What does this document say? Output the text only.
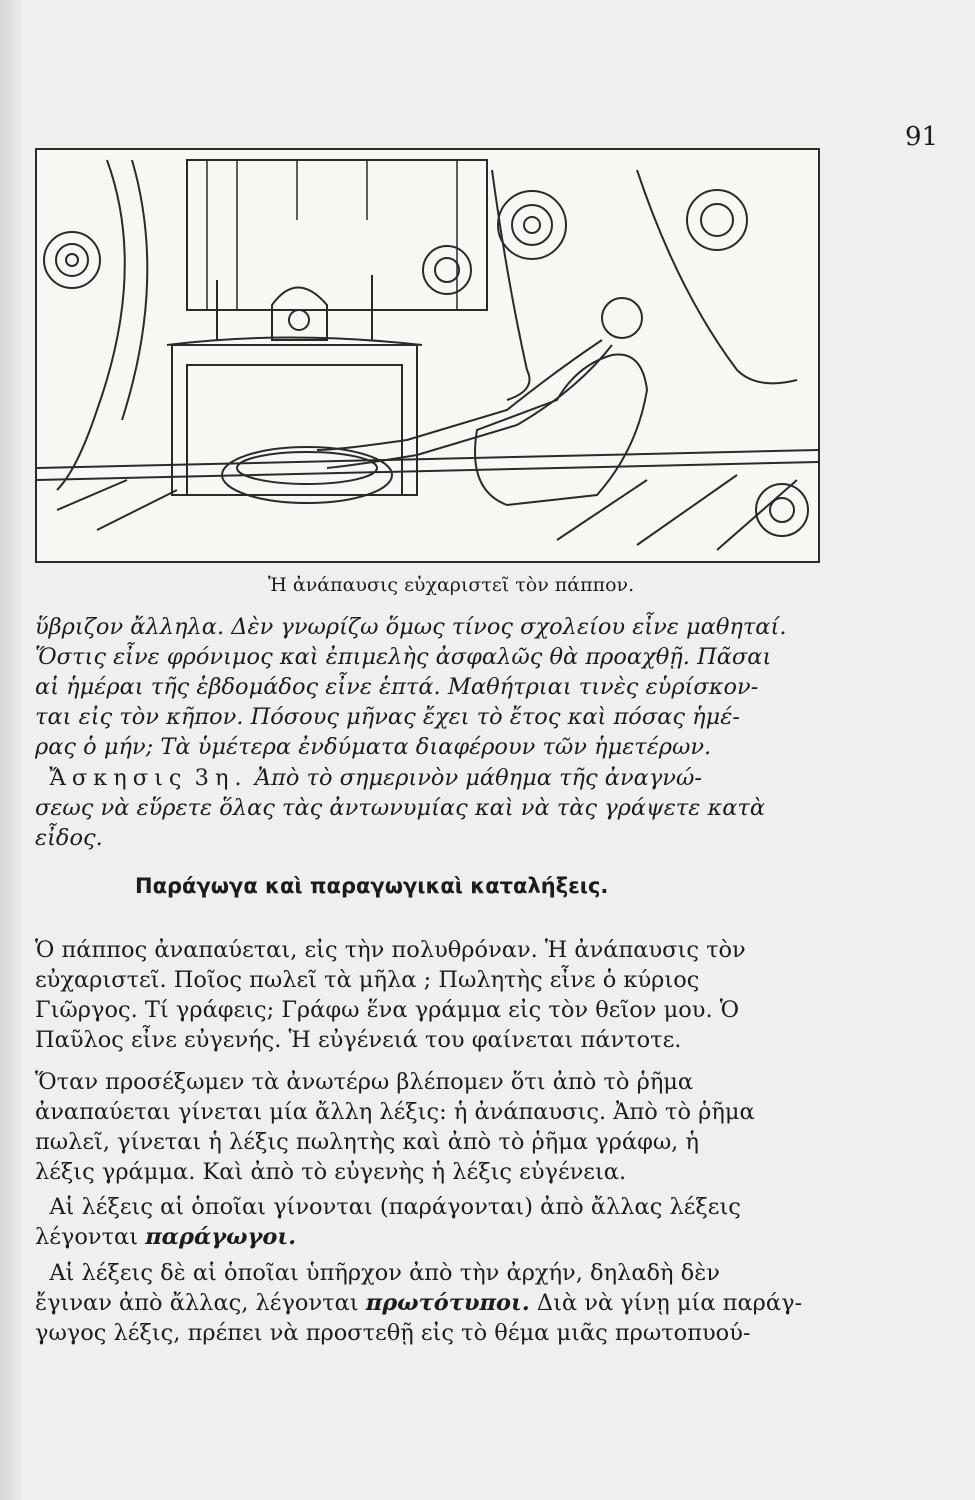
91
Ἡ ἀνάπαυσις εὐχαριστεῖ τὸν πάππον.
ὕβριζον ἄλληλα. Δὲν γνωρίζω ὅμως τίνος σχολείου εἶνε μαθηταί.
Ὅστις εἶνε φρόνιμος καὶ ἐπιμελὴς ἀσφαλῶς θὰ προαχθῇ. Πᾶσαι
αἱ ἡμέραι τῆς ἑβδομάδος εἶνε ἑπτά. Μαθήτριαι τινὲς εὑρίσκον-
ται εἰς τὸν κῆπον. Πόσους μῆνας ἔχει τὸ ἔτος καὶ πόσας ἡμέ-
ρας ὁ μήν; Τὰ ὑμέτερα ἐνδύματα διαφέρουν τῶν ἡμετέρων.
Ἄσκησις 3η. Ἀπὸ τὸ σημερινὸν μάθημα τῆς ἀναγνώ-
σεως νὰ εὕρετε ὅλας τὰς ἀντωνυμίας καὶ νὰ τὰς γράψετε κατὰ
εἶδος.
Παράγωγα καὶ παραγωγικαὶ καταλήξεις.
Ὁ πάππος ἀναπαύεται, εἰς τὴν πολυθρόναν. Ἡ ἀνάπαυσις τὸν
εὐχαριστεῖ. Ποῖος πωλεῖ τὰ μῆλα ; Πωλητὴς εἶνε ὁ κύριος
Γιῶργος. Τί γράφεις; Γράφω ἕνα γράμμα εἰς τὸν θεῖον μου. Ὁ
Παῦλος εἶνε εὐγενής. Ἡ εὐγένειά του φαίνεται πάντοτε.
Ὅταν προσέξωμεν τὰ ἀνωτέρω βλέπομεν ὅτι ἀπὸ τὸ ῥῆμα
ἀναπαύεται γίνεται μία ἄλλη λέξις: ἡ ἀνάπαυσις. Ἀπὸ τὸ ῥῆμα
πωλεῖ, γίνεται ἡ λέξις πωλητὴς καὶ ἀπὸ τὸ ῥῆμα γράφω, ἡ
λέξις γράμμα. Καὶ ἀπὸ τὸ εὐγενὴς ἡ λέξις εὐγένεια.
Αἱ λέξεις αἱ ὁποῖαι γίνονται (παράγονται) ἀπὸ ἄλλας λέξεις
λέγονται παράγωγοι.
Αἱ λέξεις δὲ αἱ ὁποῖαι ὑπῆρχον ἀπὸ τὴν ἀρχήν, δηλαδὴ δὲν
ἔγιναν ἀπὸ ἄλλας, λέγονται πρωτότυποι. Διὰ νὰ γίνῃ μία παράγ-
γωγος λέξις, πρέπει νὰ προστεθῇ εἰς τὸ θέμα μιᾶς πρωτοπυού-
